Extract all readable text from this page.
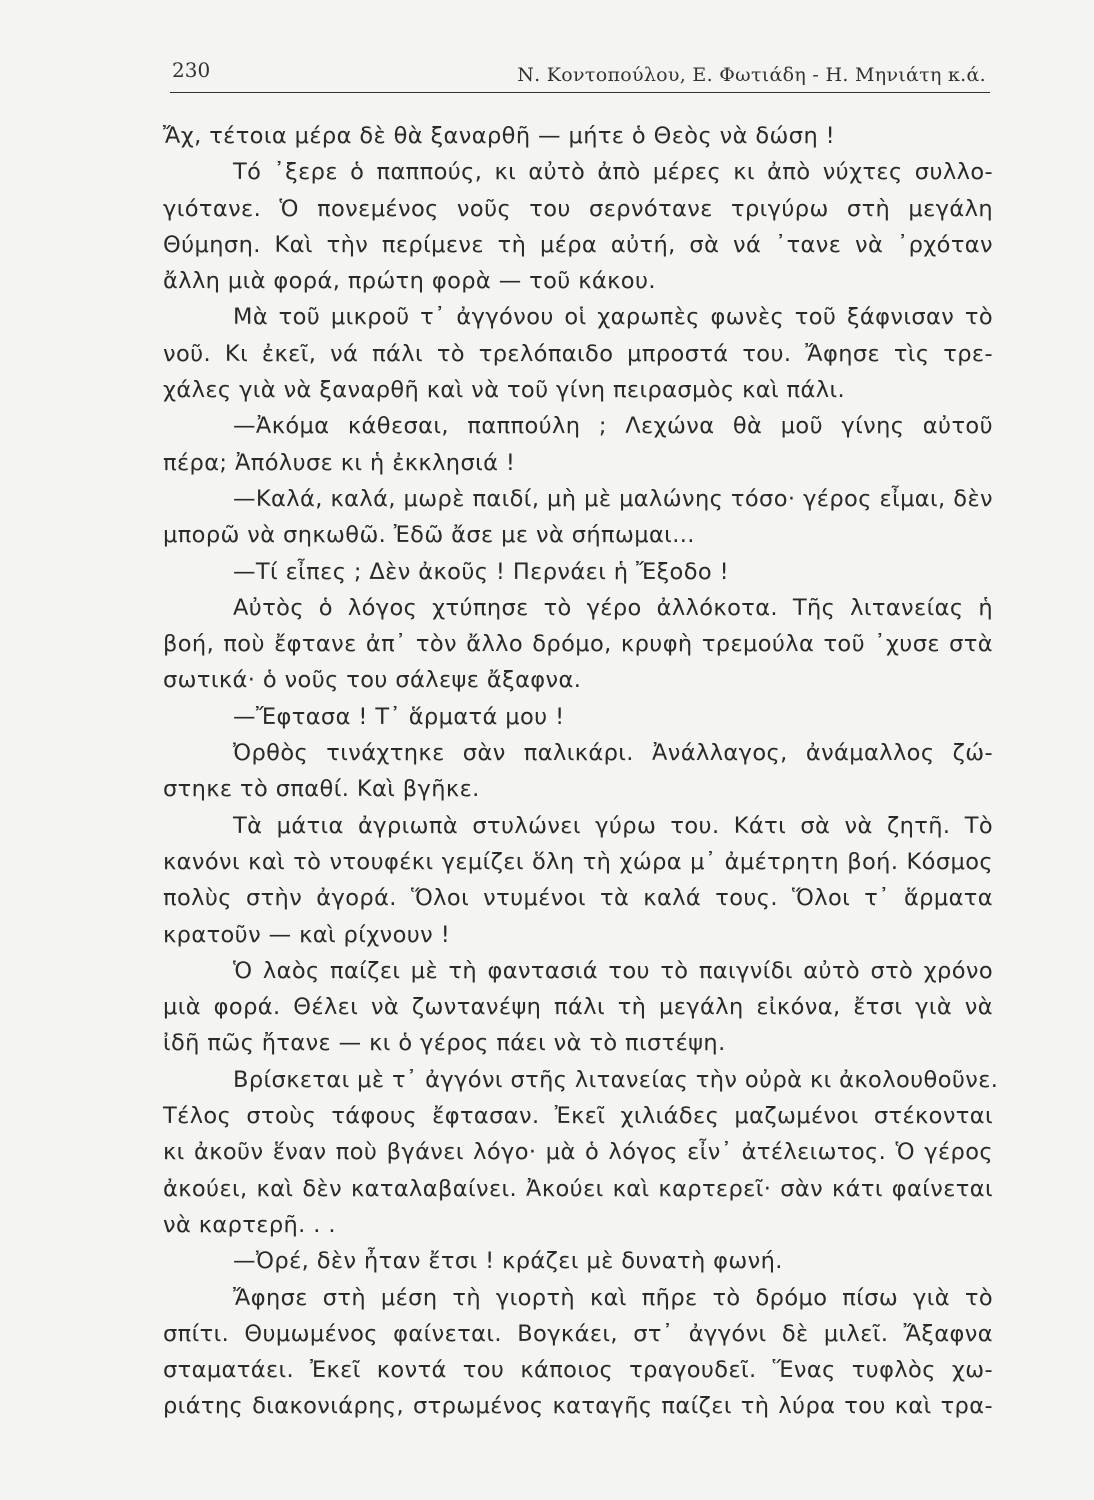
230	Ν. Κοντοπούλου, Ε. Φωτιάδη - Η. Μηνιάτη κ.ά.
Ἄχ, τέτοια μέρα δὲ θὰ ξαναρθῆ — μήτε ὁ Θεὸς νὰ δώση !
Τό ᾿ξερε ὁ παππούς, κι αὐτὸ ἀπὸ μέρες κι ἀπὸ νύχτες συλλο-
γιότανε. Ὁ πονεμένος νοῦς του σερνότανε τριγύρω στὴ μεγάλη
Θύμηση. Καὶ τὴν περίμενε τὴ μέρα αὐτή, σὰ νά ᾿τανε νὰ ᾿ρχόταν
ἄλλη μιὰ φορά, πρώτη φορὰ — τοῦ κάκου.
Μὰ τοῦ μικροῦ τ᾿ ἀγγόνου οἱ χαρωπὲς φωνὲς τοῦ ξάφνισαν τὸ
νοῦ. Κι ἐκεῖ, νά πάλι τὸ τρελόπαιδο μπροστά του. Ἄφησε τὶς τρε-
χάλες γιὰ νὰ ξαναρθῆ καὶ νὰ τοῦ γίνη πειρασμὸς καὶ πάλι.
—Ἀκόμα κάθεσαι, παππούλη ; Λεχώνα θὰ μοῦ γίνης αὐτοῦ
πέρα; Ἀπόλυσε κι ἡ ἐκκλησιά !
—Καλά, καλά, μωρὲ παιδί, μὴ μὲ μαλώνης τόσο· γέρος εἶμαι, δὲν
μπορῶ νὰ σηκωθῶ. Ἐδῶ ἄσε με νὰ σήπωμαι...
—Τί εἶπες ; Δὲν ἀκοῦς ! Περνάει ἡ Ἔξοδο !
Αὐτὸς ὁ λόγος χτύπησε τὸ γέρο ἀλλόκοτα. Τῆς λιτανείας ἡ
βοή, ποὺ ἔφτανε ἀπ᾿ τὸν ἄλλο δρόμο, κρυφὴ τρεμούλα τοῦ ᾿χυσε στὰ
σωτικά· ὁ νοῦς του σάλεψε ἄξαφνα.
—Ἔφτασα ! Τ᾿ ἅρματά μου !
Ὀρθὸς τινάχτηκε σὰν παλικάρι. Ἀνάλλαγος, ἀνάμαλλος ζώ-
στηκε τὸ σπαθί. Καὶ βγῆκε.
Τὰ μάτια ἀγριωπὰ στυλώνει γύρω του. Κάτι σὰ νὰ ζητῆ. Τὸ
κανόνι καὶ τὸ ντουφέκι γεμίζει ὅλη τὴ χώρα μ᾿ ἀμέτρητη βοή. Κόσμος
πολὺς στὴν ἀγορά. Ὅλοι ντυμένοι τὰ καλά τους. Ὅλοι τ᾿ ἅρματα
κρατοῦν — καὶ ρίχνουν !
Ὁ λαὸς παίζει μὲ τὴ φαντασιά του τὸ παιγνίδι αὐτὸ στὸ χρόνο
μιὰ φορά. Θέλει νὰ ζωντανέψη πάλι τὴ μεγάλη εἰκόνα, ἔτσι γιὰ νὰ
ἰδῆ πῶς ἤτανε — κι ὁ γέρος πάει νὰ τὸ πιστέψη.
Βρίσκεται μὲ τ᾿ ἀγγόνι στῆς λιτανείας τὴν οὐρὰ κι ἀκολουθοῦνε.
Τέλος στοὺς τάφους ἔφτασαν. Ἐκεῖ χιλιάδες μαζωμένοι στέκονται
κι ἀκοῦν ἕναν ποὺ βγάνει λόγο· μὰ ὁ λόγος εἶν᾿ ἀτέλειωτος. Ὁ γέρος
ἀκούει, καὶ δὲν καταλαβαίνει. Ἀκούει καὶ καρτερεῖ· σὰν κάτι φαίνεται
νὰ καρτερῆ. . .
—Ὀρέ, δὲν ἦταν ἔτσι ! κράζει μὲ δυνατὴ φωνή.
Ἄφησε στὴ μέση τὴ γιορτὴ καὶ πῆρε τὸ δρόμο πίσω γιὰ τὸ
σπίτι. Θυμωμένος φαίνεται. Βογκάει, στ᾿ ἀγγόνι δὲ μιλεῖ. Ἄξαφνα
σταματάει. Ἐκεῖ κοντά του κάποιος τραγουδεῖ. Ἕνας τυφλὸς χω-
ριάτης διακονιάρης, στρωμένος καταγῆς παίζει τὴ λύρα του καὶ τρα-
